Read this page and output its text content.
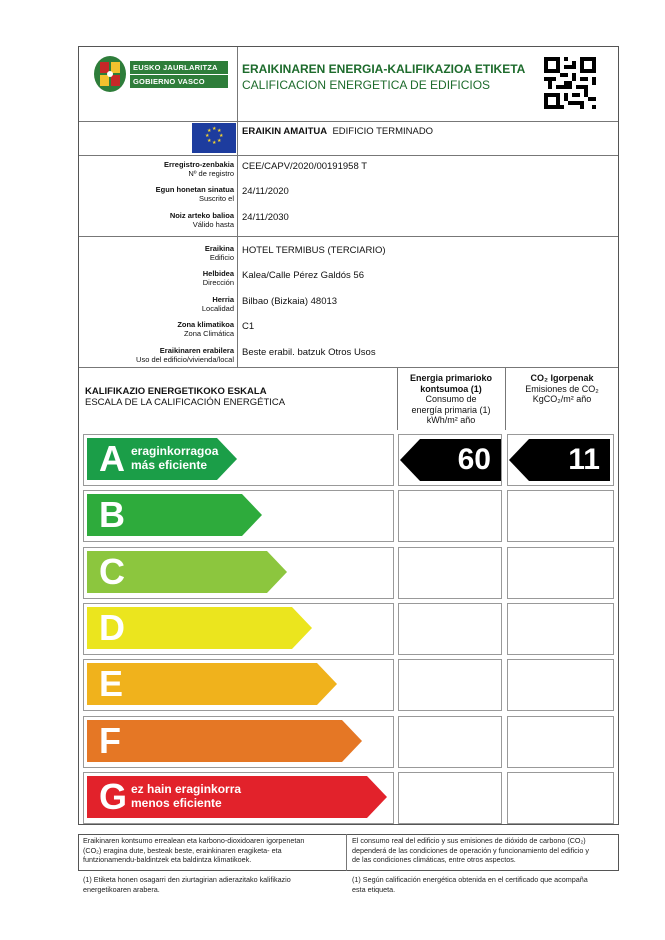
EUSKO JAURLARITZA
GOBIERNO VASCO
ERAIKINAREN ENERGIA-KALIFIKAZIOA ETIKETA
CALIFICACION ENERGETICA DE EDIFICIOS
★ ★
★
★
★
★
★
★	ERAIKIN AMAITUA EDIFICIO TERMINADO
Erregistro-zenbakia
Nº de registro
CEE/CAPV/2020/00191958 T
Egun honetan sinatua
Suscrito el
24/11/2020
Noiz arteko balioa
Válido hasta
24/11/2030
Eraikina
Edificio
HOTEL TERMIBUS (TERCIARIO)
Helbidea
Dirección
Kalea/Calle Pérez Galdós 56
Herria
Localidad
Bilbao (Bizkaia) 48013
Zona klimatikoa
Zona Climática
C1
Eraikinaren erabilera
Uso del edificio/vivienda/local
Beste erabil. batzuk Otros Usos
KALIFIKAZIO ENERGETIKOKO ESKALA
ESCALA DE LA CALIFICACIÓN ENERGÉTICA
Energia primarioko
kontsumoa (1)
Consumo de
energía primaria (1)
kWh/m² año
CO₂ Igorpenak
Emisiones de CO₂
KgCO₂/m² año
A eraginkorragoa
más eficiente	60	11
B
C
D
E
F
G ez hain eraginkorra
menos eficiente
Eraikinaren kontsumo errealean eta karbono-dioxidoaren igorpenetan
(CO₂) eragina dute, besteak beste, erainkinaren eragiketa- eta
funtzionamendu-baldintzek eta baldintza klimatikoek.
El consumo real del edificio y sus emisiones de dióxido de carbono (CO₂)
dependerá de las condiciones de operación y funcionamiento del edificio y
de las condiciones climáticas, entre otros aspectos.
(1) Etiketa honen osagarri den ziurtagirian adierazitako kalifikazio
energetikoaren arabera.
(1) Según calificación energética obtenida en el certificado que acompaña
esta etiqueta.
